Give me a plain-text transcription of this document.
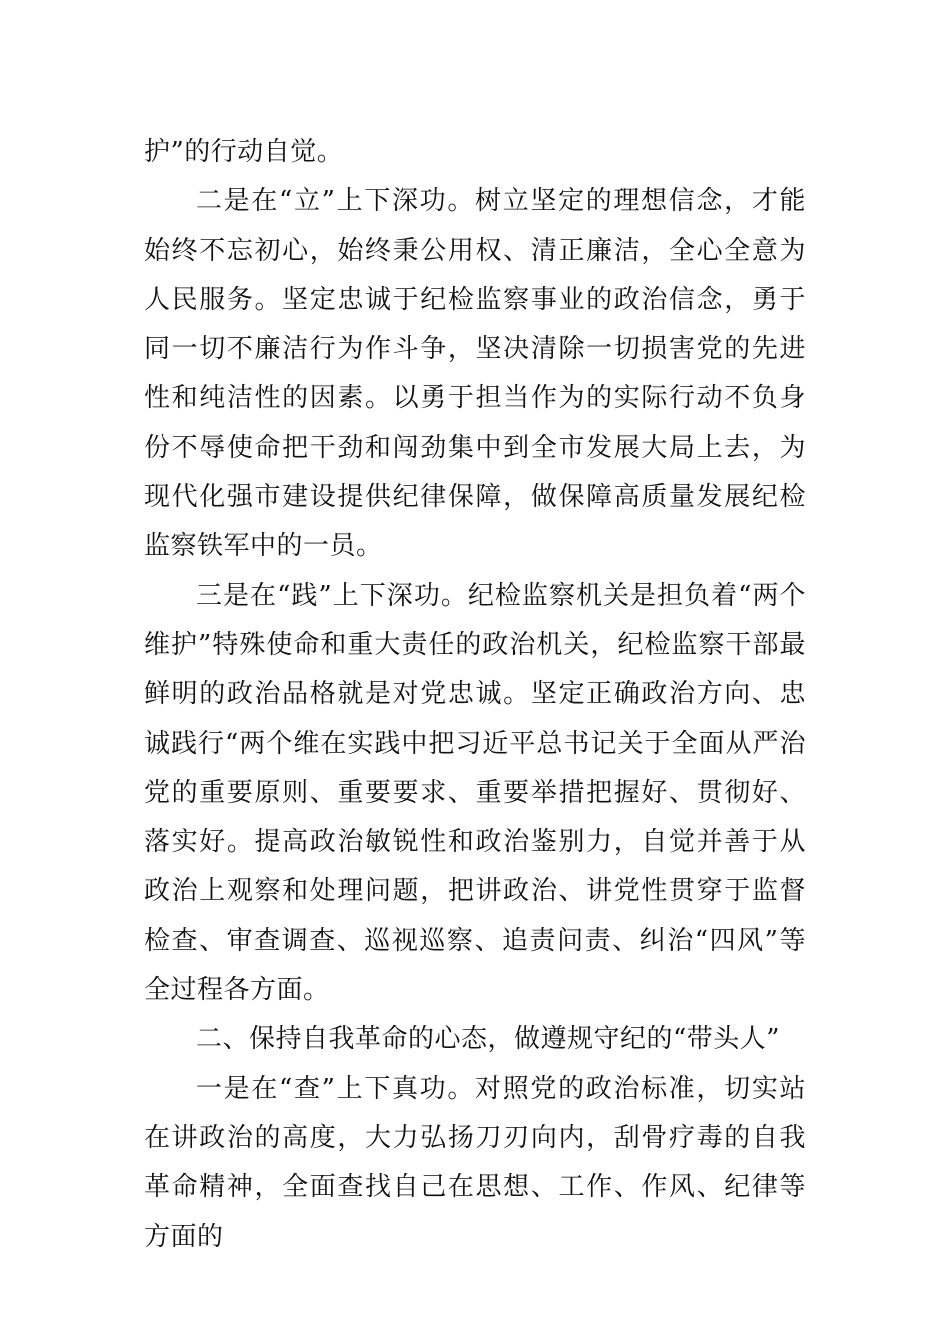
护”的行动自觉。

二是在“立”上下深功。树立坚定的理想信念，才能始终不忘初心，始终秉公用权、清正廉洁，全心全意为人民服务。坚定忠诚于纪检监察事业的政治信念，勇于同一切不廉洁行为作斗争，坚决清除一切损害党的先进性和纯洁性的因素。以勇于担当作为的实际行动不负身份不辱使命把干劲和闯劲集中到全市发展大局上去，为现代化强市建设提供纪律保障，做保障高质量发展纪检监察铁军中的一员。

三是在“践”上下深功。纪检监察机关是担负着“两个维护”特殊使命和重大责任的政治机关，纪检监察干部最鲜明的政治品格就是对党忠诚。坚定正确政治方向、忠诚践行“两个维在实践中把习近平总书记关于全面从严治党的重要原则、重要要求、重要举措把握好、贯彻好、落实好。提高政治敏锐性和政治鉴别力，自觉并善于从政治上观察和处理问题，把讲政治、讲党性贯穿于监督检查、审查调查、巡视巡察、追责问责、纠治“四风”等全过程各方面。

二、保持自我革命的心态，做遵规守纪的“带头人”

一是在“查”上下真功。对照党的政治标准，切实站在讲政治的高度，大力弘扬刀刃向内，刮骨疗毒的自我革命精神，全面查找自己在思想、工作、作风、纪律等方面的
